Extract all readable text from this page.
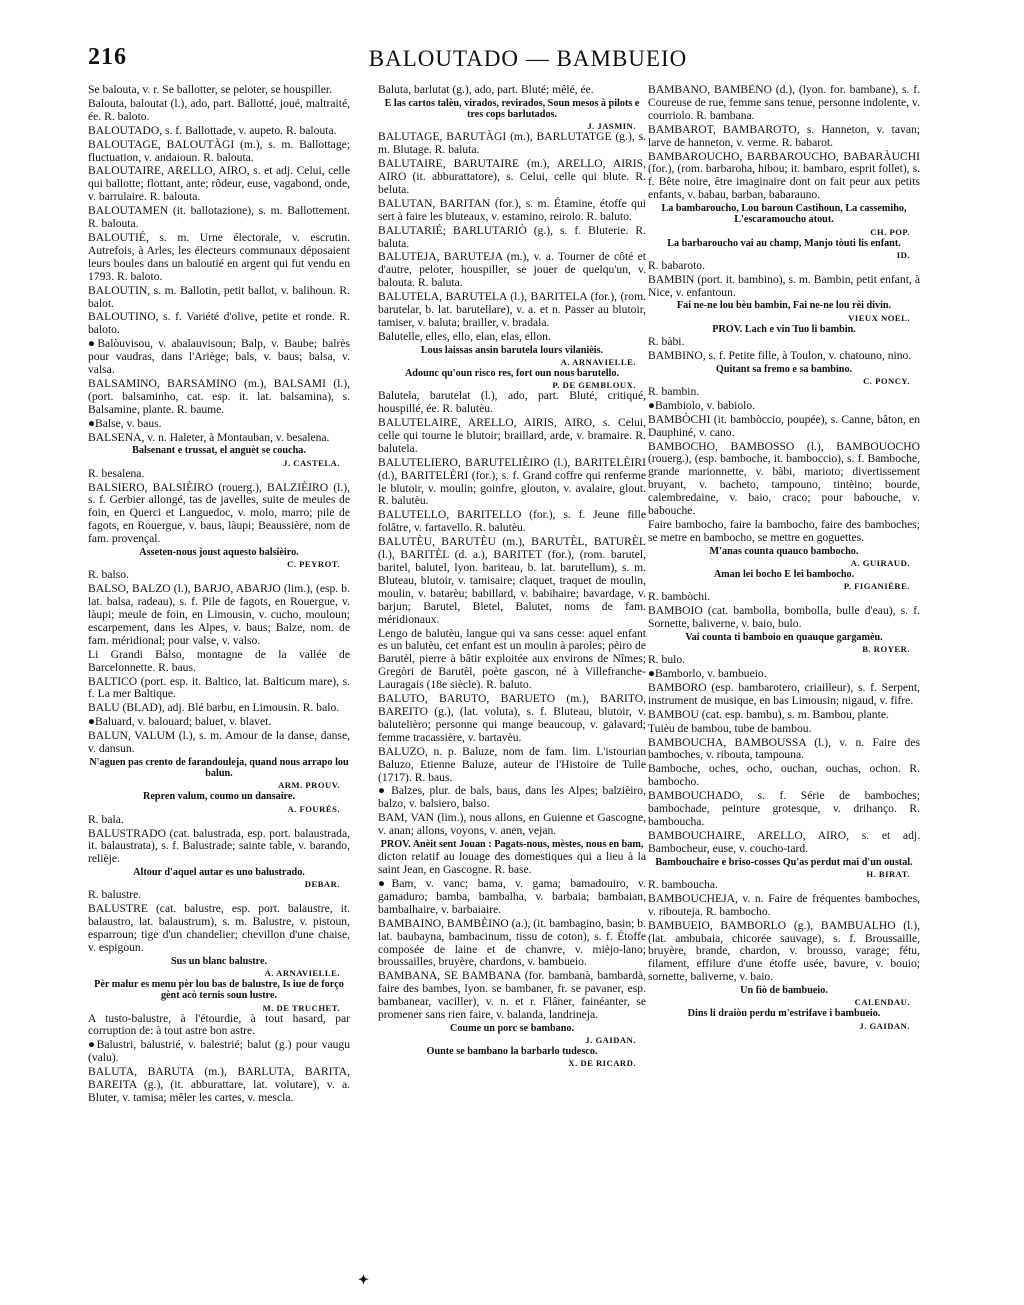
216	BALOUTADO — BAMBUEIO
Se balouta, v. r. Se ballotter, se peloter, se houspiller.
Balouta, baloutat (l.), ado, part. Ballotté, joué, maltraité, ée. R. baloto.
BALOUTADO, s. f. Ballottade, v. aupeto. R. balouta.
BALOUTAGE, BALOUTÀGI (m.), s. m. Ballottage; fluctuation, v. andaioun. R. balouta.
BALOUTAIRE, ARELLO, AIRO, s. et adj. Celui, celle qui ballotte; flottant, ante; rôdeur, euse, vagabond, onde, v. barrulaire. R. balouta.
BALOUTAMEN (it. ballotazione), s. m. Ballottement. R. balouta.
BALOUTIÉ, s. m. Urne électorale, v. escrutin. Autrefois, à Arles, les électeurs communaux déposaient leurs boules dans un baloutié en argent qui fut vendu en 1793. R. baloto.
BALOUTIN, s. m. Ballotin, petit ballot, v. balihoun. R. balot.
BALOUTINO, s. f. Variété d'olive, petite et ronde. R. baloto.
●Balòuvisou, v. abalauvisoun; Balp, v. Baube; balrès pour vaudras, dans l'Ariège; bals, v. baus; balsa, v. valsa.
BALSAMINO, BARSAMINO (m.), BALSAMI (l.), (port. balsaminho, cat. esp. it. lat. balsamina), s. Balsamine, plante. R. baume.
●Balse, v. baus.
BALSENA, v. n. Haleter, à Montauban, v. besalena.
Balsenant e trussat, el anguèt se coucha.
J. CASTELA.
R. besalena.
BALSIERO, BALSIÈIRO (rouerg.), BALZIÈIRO (l.), s. f. Gerbier allongé, tas de javelles, suite de meules de foin, en Querci et Languedoc, v. molo, marro; pile de fagots, en Rouergue, v. baus, làupi; Beaussière, nom de fam. provençal.
Asseten-nous joust aquesto balsièiro.
C. PEYROT.
R. balso.
BALSO, BALZO (l.), BARJO, ABARJO (lim.), (esp. b. lat. balsa, radeau), s. f. Pile de fagots, en Rouergue, v. làupi; meule de foin, en Limousin, v. cucho, mouloun; escarpement, dans les Alpes, v. baus; Balze, nom. de fam. méridional; pour valse, v. valso.
Li Grandi Balso, montagne de la vallée de Barcelonnette. R. baus.
BALTICO (port. esp. it. Baltico, lat. Balticum mare), s. f. La mer Baltique.
BALU (BLAD), adj. Blé barbu, en Limousin. R. balo.
●Baluard, v. balouard; baluet, v. blavet.
BALUN, VALUM (l.), s. m. Amour de la danse, danse, v. dansun.
N'aguen pas crento de farandouleja, quand nous arrapo lou balun.
ARM. PROUV.
Repren valum, coumo un dansaire.
A. FOURÈS.
R. bala.
BALUSTRADO (cat. balustrada, esp. port. balaustrada, it. balaustrata), s. f. Balustrade; sainte table, v. barando, relièje.
Altour d'aquel autar es uno balustrado.
DEBAR.
R. balustre.
BALUSTRE (cat. balustre, esp. port. balaustre, it. balaustro, lat. balaustrum), s. m. Balustre, v. pistoun, esparroun; tige d'un chandelier; chevillon d'une chaise, v. espigoun.
Sus un blanc balustre.
A. ARNAVIELLE.
Pèr malur es menu pèr lou bas de balustre, Is iue de forço gènt acò ternis soun lustre.
M. DE TRUCHET.
A tusto-balustre, à l'étourdie, à tout hasard, par corruption de: à tout astre bon astre.
●Balustri, balustrié, v. balestrié; balut (g.) pour vaugu (valu).
BALUTA, BARUTA (m.), BARLUTA, BARITA, BAREITA (g.), (it. abburattare, lat. volutare), v. a. Bluter, v. tamisa; mêler les cartes, v. mescla.
Baluta, barlutat (g.), ado, part. Bluté; mêlé, ée.
E las cartos talèu, virados, revirados, Soun mesos à pilots e tres cops barlutados.
J. JASMIN.
BALUTAGE, BARUTÀGI (m.), BARLUTATGE (g.), s. m. Blutage. R. baluta.
BALUTAIRE, BARUTAIRE (m.), ARELLO, AIRIS, AIRO (it. abburattatore), s. Celui, celle qui blute. R. beluta.
BALUTAN, BARITAN (for.), s. m. Étamine, étoffe qui sert à faire les bluteaux, v. estamino, reirolo. R. baluto.
BALUTARIÉ; BARLUTARIÒ (g.), s. f. Bluterie. R. baluta.
BALUTEJA, BARUTEJA (m.), v. a. Tourner de côté et d'autre, peloter, houspiller, se jouer de quelqu'un, v. balouta. R. baluta.
BALUTELA, BARUTELA (l.), BARITELA (for.), (rom. barutelar, b. lat. barutellare), v. a. et n. Passer au blutoir, tamiser, v. baluta; brailler, v. bradala.
Balutelle, elles, ello, elan, elas, ellon.
Lous laissas ansin barutela lours vilanièis.
A. ARNAVIELLE.
Adounc qu'oun risco res, fort oun nous barutello.
P. DE GEMBLOUX.
Balutela, barutelat (l.), ado, part. Bluté, critiqué, houspillé, ée. R. balutèu.
BALUTELAIRE, ARELLO, AIRIS, AIRO, s. Celui, celle qui tourne le blutoir; braillard, arde, v. bramaire. R. balutela.
BALUTELIERO, BARUTELIÈIRO (l.), BARITELÈIRI (d.), BARITELÈRI (for.), s. f. Grand coffre qui renferme le blutoir, v. moulin; goinfre, glouton, v. avalaire, glout. R. balutèu.
BALUTELLO, BARITELLO (for.), s. f. Jeune fille folâtre, v. fartavello. R. balutèu.
BALUTÈU, BARUTÈU (m.), BARUTÈL, BATURÈL (l.), BARITÈL (d. a.), BARITET (for.), (rom. barutel, baritel, balutel, lyon. bariteau, b. lat. barutellum), s. m. Bluteau, blutoir, v. tamisaire; claquet, traquet de moulin, moulin, v. batarèu; babillard, v. babihaire; bavardage, v. barjun; Barutel, Bletel, Balutet, noms de fam. méridionaux.
Lengo de balutèu, langue qui va sans cesse: aquel enfant es un balutèu, cet enfant est un moulin à paroles; pèiro de Barutèl, pierre à bâtir exploitée aux environs de Nîmes; Gregòri de Barutèl, poète gascon, né à Villefranche-Lauragais (18e siècle). R. baluto.
BALUTO, BARUTO, BARUETO (m.), BARITO, BAREITO (g.), (lat. voluta), s. f. Bluteau, blutoir, v. balutelièro; personne qui mange beaucoup, v. galavard; femme tracassière, v. bartavèu.
BALUZO, n. p. Baluze, nom de fam. lim. L'istourian Baluzo, Etienne Baluze, auteur de l'Histoire de Tulle (1717). R. baus.
● Balzes, plur. de bals, baus, dans les Alpes; balzièiro, balzo, v. balsiero, balso.
BAM, VAN (lim.), nous allons, en Guienne et Gascogne, v. anan; allons, voyons, v. anen, vejan.
PROV. Anèit sent Jouan : Pagats-nous, mèstes, nous en bam,
dicton relatif au louage des domestiques qui a lieu à la saint Jean, en Gascogne. R. base.
●Bam, v. vanc; bama, v. gama; bamadouiro, v. gamaduro; bamba, bambalha, v. barbaia; bambaian, bambalhaire, v. barbaiaire.
BAMBAINO, BAMBÈINO (a.), (it. bambagino, basin; b. lat. baubayna, bambacinum, tissu de coton), s. f. Étoffe composée de laine et de chanvre, v. mièjo-lano; broussailles, bruyère, chardons, v. bambueio.
BAMBANA, SE BAMBANA (for. bambanà, bambardà, faire des bambes, lyon. se bambaner, fr. se pavaner, esp. bambanear, vaciller), v. n. et r. Flâner, fainéanter, se promener sans rien faire, v. balanda, landrineja.
Coume un porc se bambano.
J. GAIDAN.
Ounte se bambano la barbarlo tudesco.
X. DE RICARD.
BAMBANO, BAMBÈNO (d.), (lyon. for. bambane), s. f. Coureuse de rue, femme sans tenue, personne indolente, v. courriolo. R. bambana.
BAMBAROT, BAMBAROTO, s. Hanneton, v. tavan; larve de hanneton, v. verme. R. babarot.
BAMBAROUCHO, BARBAROUCHO, BABARÀUCHI (for.), (rom. barbaroha, hibou; it. bambaro, esprit follet), s. f. Bête noire, être imaginaire dont on fait peur aux petits enfants, v. babau, barban, babarauno.
La bambaroucho, Lou baroun Castihoun, La cassemiho, L'escaramoucho atout.
CH. POP.
La barbaroucho vai au champ, Manjo tòuti lis enfant.
ID.
R. babaroto.
BAMBIN (port. it. bambino), s. m. Bambin, petit enfant, à Nice, v. enfantoun.
Fai ne-ne lou bèu bambin, Fai ne-ne lou rèi divin.
VIEUX NOEL.
PROV. Lach e vin Tuo li bambin.
R. bàbi.
BAMBINO, s. f. Petite fille, à Toulon, v. chatouno, nino.
Quitant sa fremo e sa bambino.
C. PONCY.
R. bambin.
●Bambiolo, v. babiolo.
BAMBÒCHI (it. bambòccio, poupée), s. Canne, bâton, en Dauphiné, v. cano.
BAMBOCHO, BAMBOSSO (l.), BAMBOUOCHO (rouerg.), (esp. bamboche, it. bamboccio), s. f. Bamboche, grande marionnette, v. bàbi, marioto; divertissement bruyant, v. bacheto, tampouno, tintèino; bourde, calembredaine, v. baio, craco; pour babouche, v. babouche.
Faire bambocho, faire la bambocho, faire des bamboches; se metre en bambocho, se mettre en goguettes.
M'anas counta quauco bambocho.
A. GUIRAUD.
Aman lei bocho E lei bambocho.
P. FIGANIÈRE.
R. bambòchi.
BAMBOIO (cat. bambolla, bombolla, bulle d'eau), s. f. Sornette, baliverne, v. baio, bulo.
Vai counta ti bamboio en quauque gargamèu.
B. ROYER.
R. bulo.
●Bamborlo, v. bambueio.
BAMBORO (esp. bambarotero, criailleur), s. f. Serpent, instrument de musique, en bas Limousin; nigaud, v. fifre.
BAMBOU (cat. esp. bambu), s. m. Bambou, plante.
Tuièu de bambou, tube de bambou.
BAMBOUCHA, BAMBOUSSA (l.), v. n. Faire des bamboches, v. ribouta, tampouna.
Bamboche, oches, ocho, ouchan, ouchas, ochon. R. bambocho.
BAMBOUCHADO, s. f. Série de bamboches; bambochade, peinture grotesque, v. drihanço. R. bamboucha.
BAMBOUCHAIRE, ARELLO, AIRO, s. et adj. Bambocheur, euse, v. coucho-tard.
Bambouchaire e briso-cosses Qu'as perdut mai d'un oustal.
H. BIRAT.
R. bamboucha.
BAMBOUCHEJA, v. n. Faire de fréquentes bamboches, v. ribouteja. R. bambocho.
BAMBUEIO, BAMBORLO (g.), BAMBUALHO (l.), (lat. ambubaia, chicorée sauvage), s. f. Broussaille, bruyère, brande, chardon, v. brousso, varage; fétu, filament, effilure d'une étoffe usée, bavure, v. bouio; sornette, baliverne, v. baio.
Un fiò de bambueio.
CALENDAU.
Dins li draiòu perdu m'estrifave i bambueio.
J. GAIDAN.
✦
